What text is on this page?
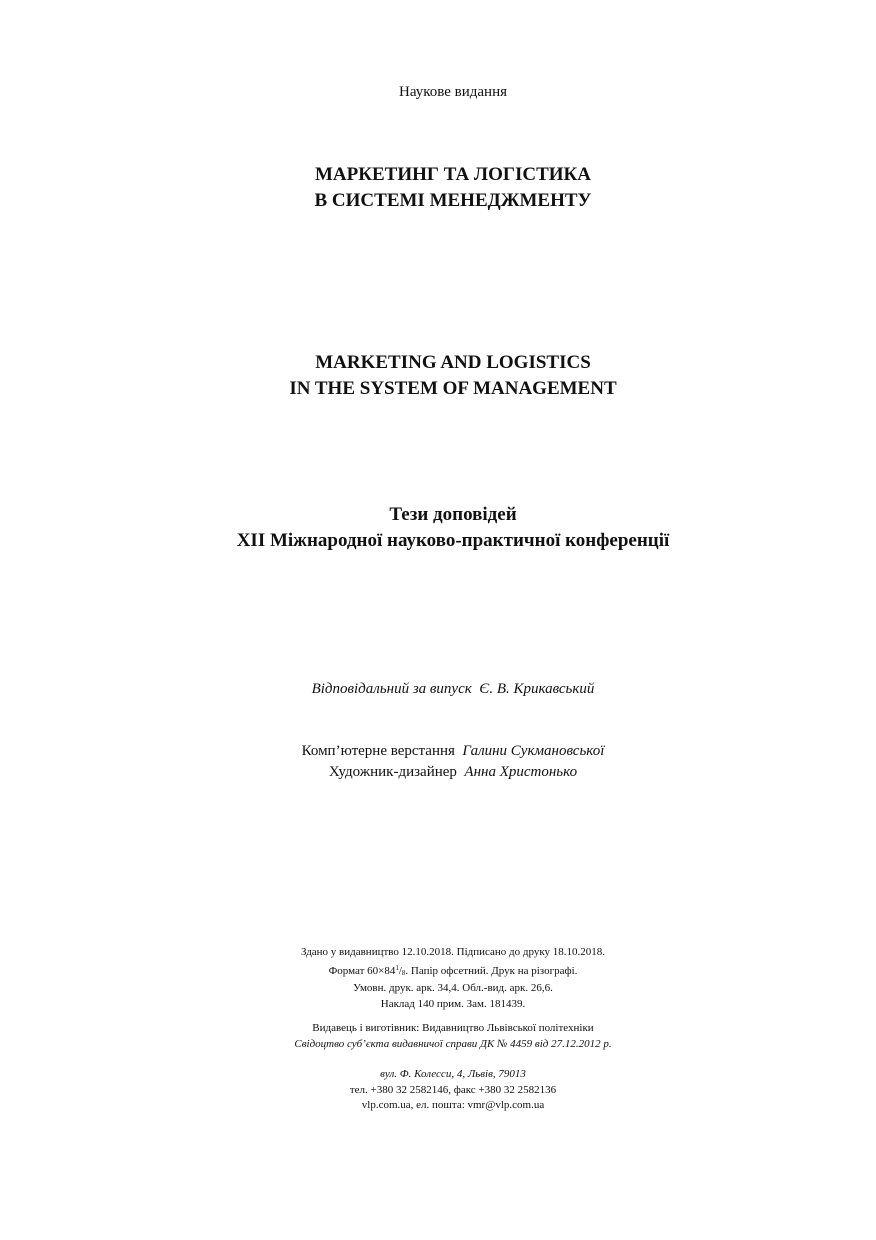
Наукове видання
МАРКЕТИНГ ТА ЛОГІСТИКА
В СИСТЕМІ МЕНЕДЖМЕНТУ
MARKETING AND LOGISTICS
IN THE SYSTEM OF MANAGEMENT
Тези доповідей
XII Міжнародної науково-практичної конференції
Відповідальний за випуск Є. В. Крикавський
Комп’ютерне верстання Галини Сукмановської
Художник-дизайнер Анна Христонько
Здано у видавництво 12.10.2018. Підписано до друку 18.10.2018.
Формат $60\times 84^1/_8$. Папір офсетний. Друк на різографі.
Умовн. друк. арк. 34,4. Обл.-вид. арк. 26,6.
Наклад 140 прим. Зам. 181439.
Видавець і виготівник: Видавництво Львівської політехніки
Свідоцтво суб’єкта видавничої справи ДК № 4459 від 27.12.2012 р.
вул. Ф. Колесси, 4, Львів, 79013
тел. +380 32 2582146, факс +380 32 2582136
vlp.com.ua, ел. пошта: vmr@vlp.com.ua
